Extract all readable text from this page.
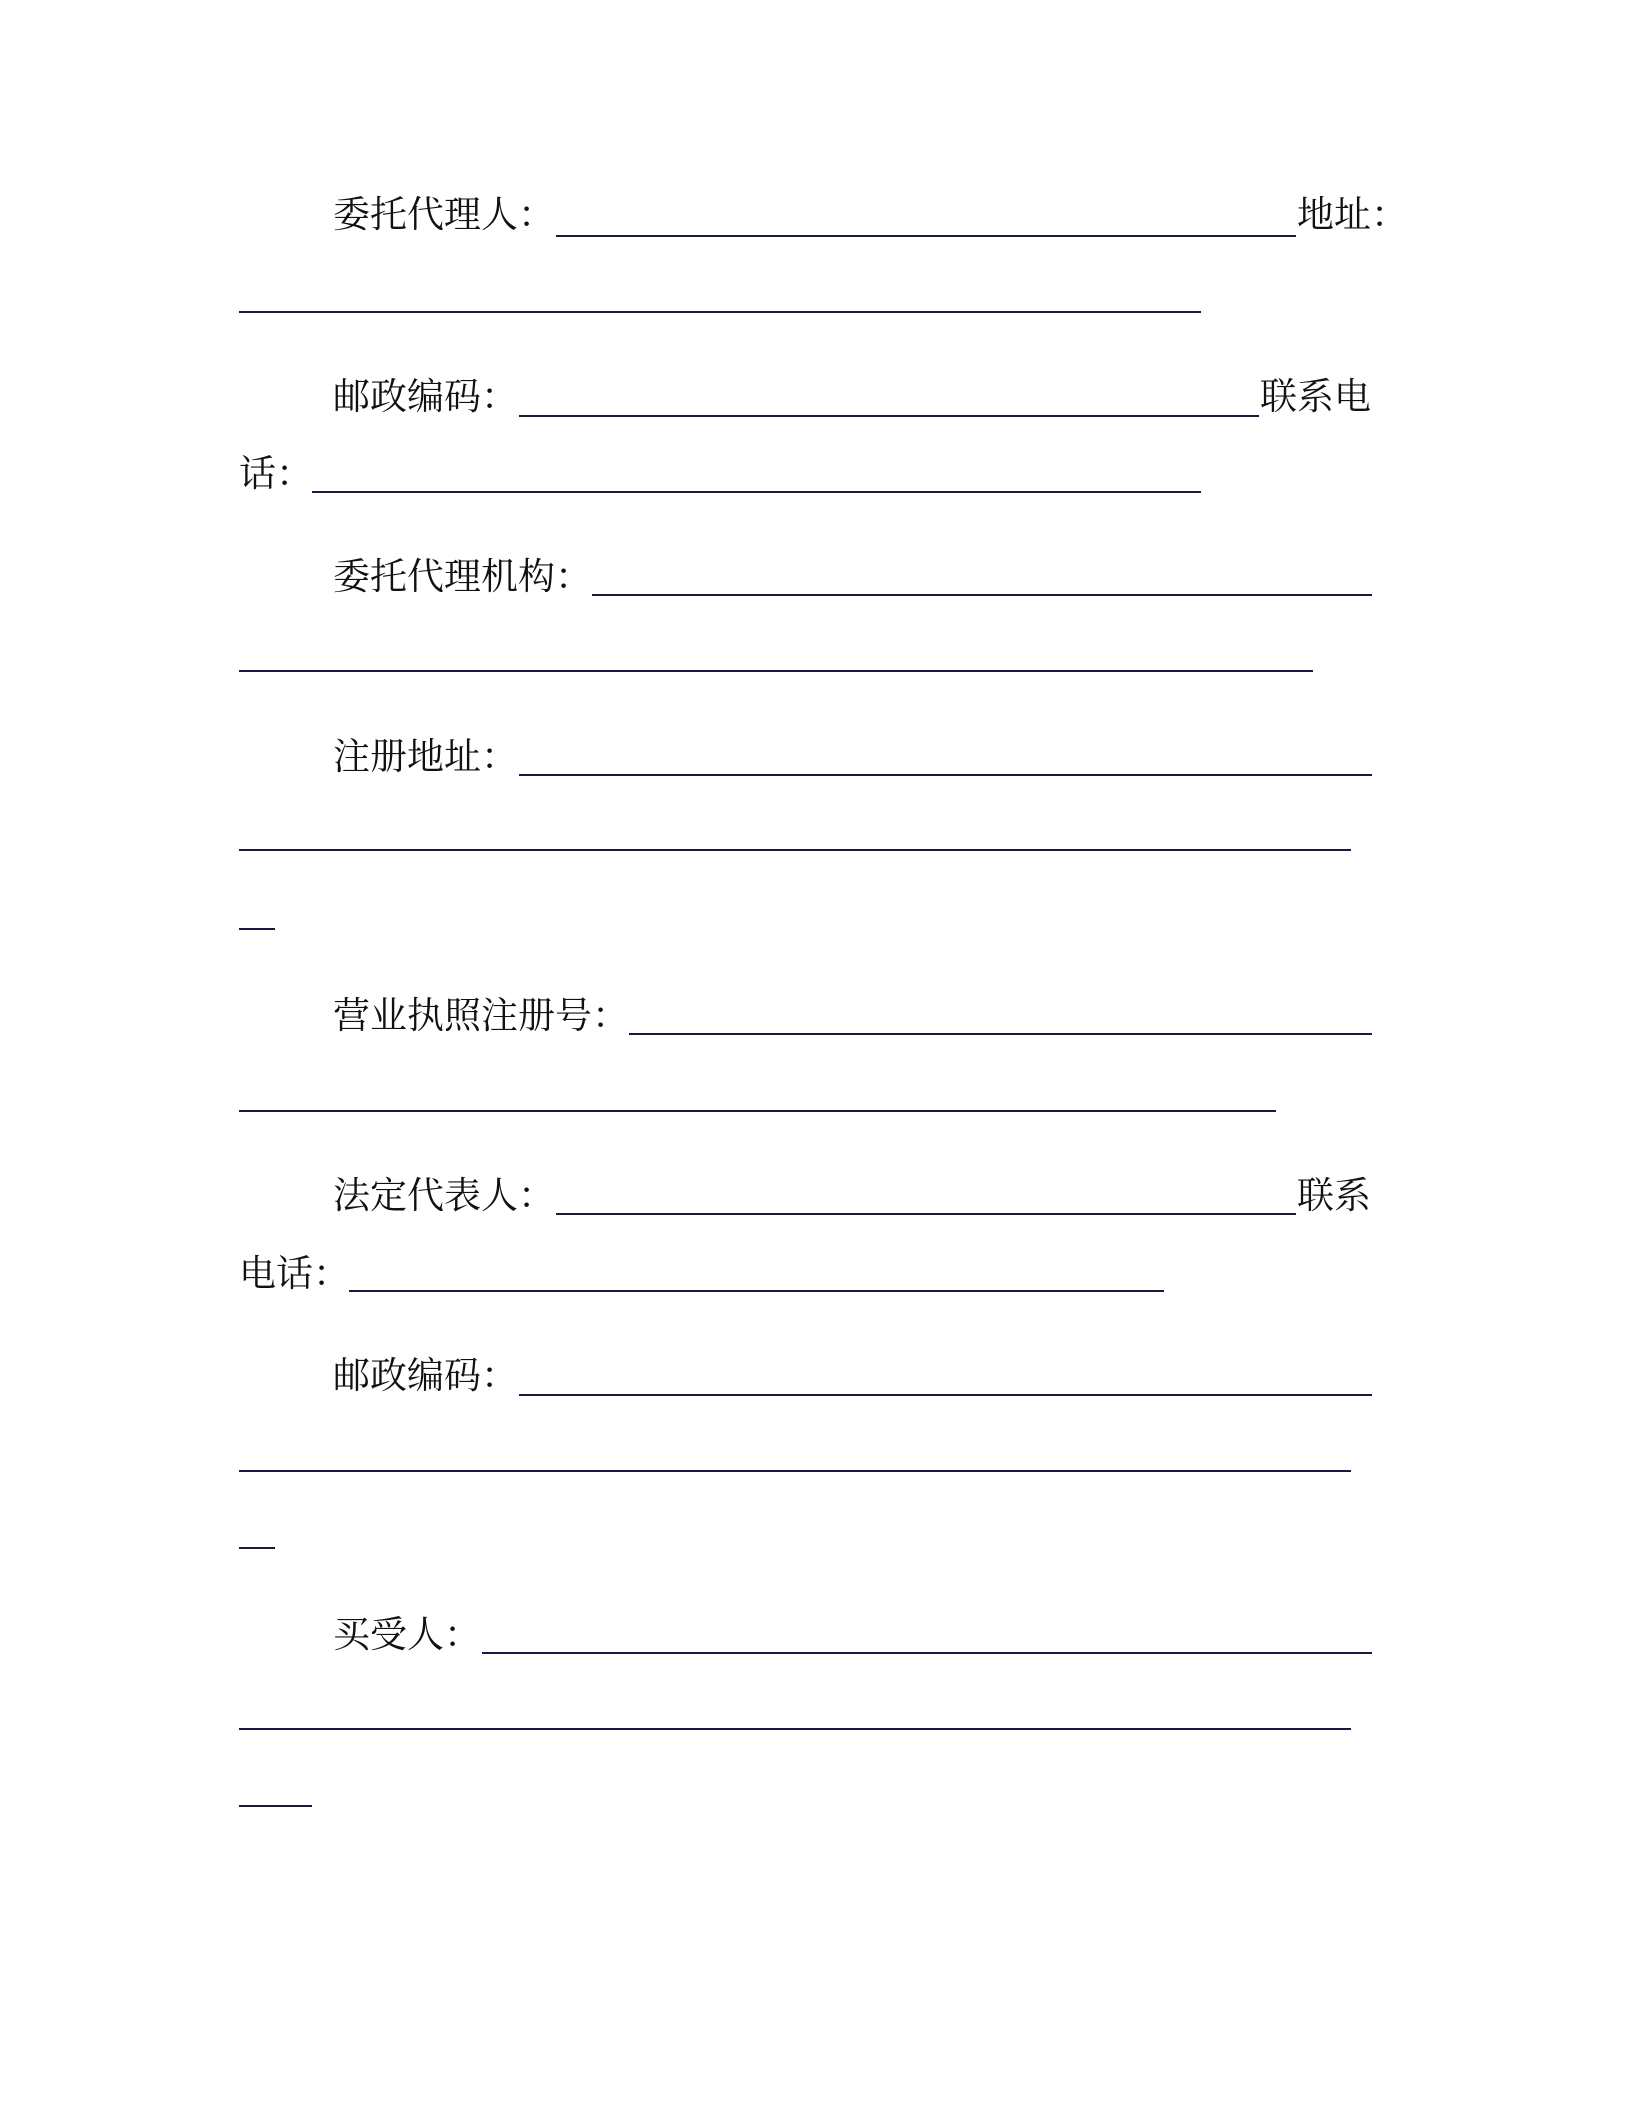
委托代理人：	地址：
邮政编码：	联系电
话：
委托代理机构：
注册地址：
营业执照注册号：
法定代表人：	联系
电话：
邮政编码：
买受人：
